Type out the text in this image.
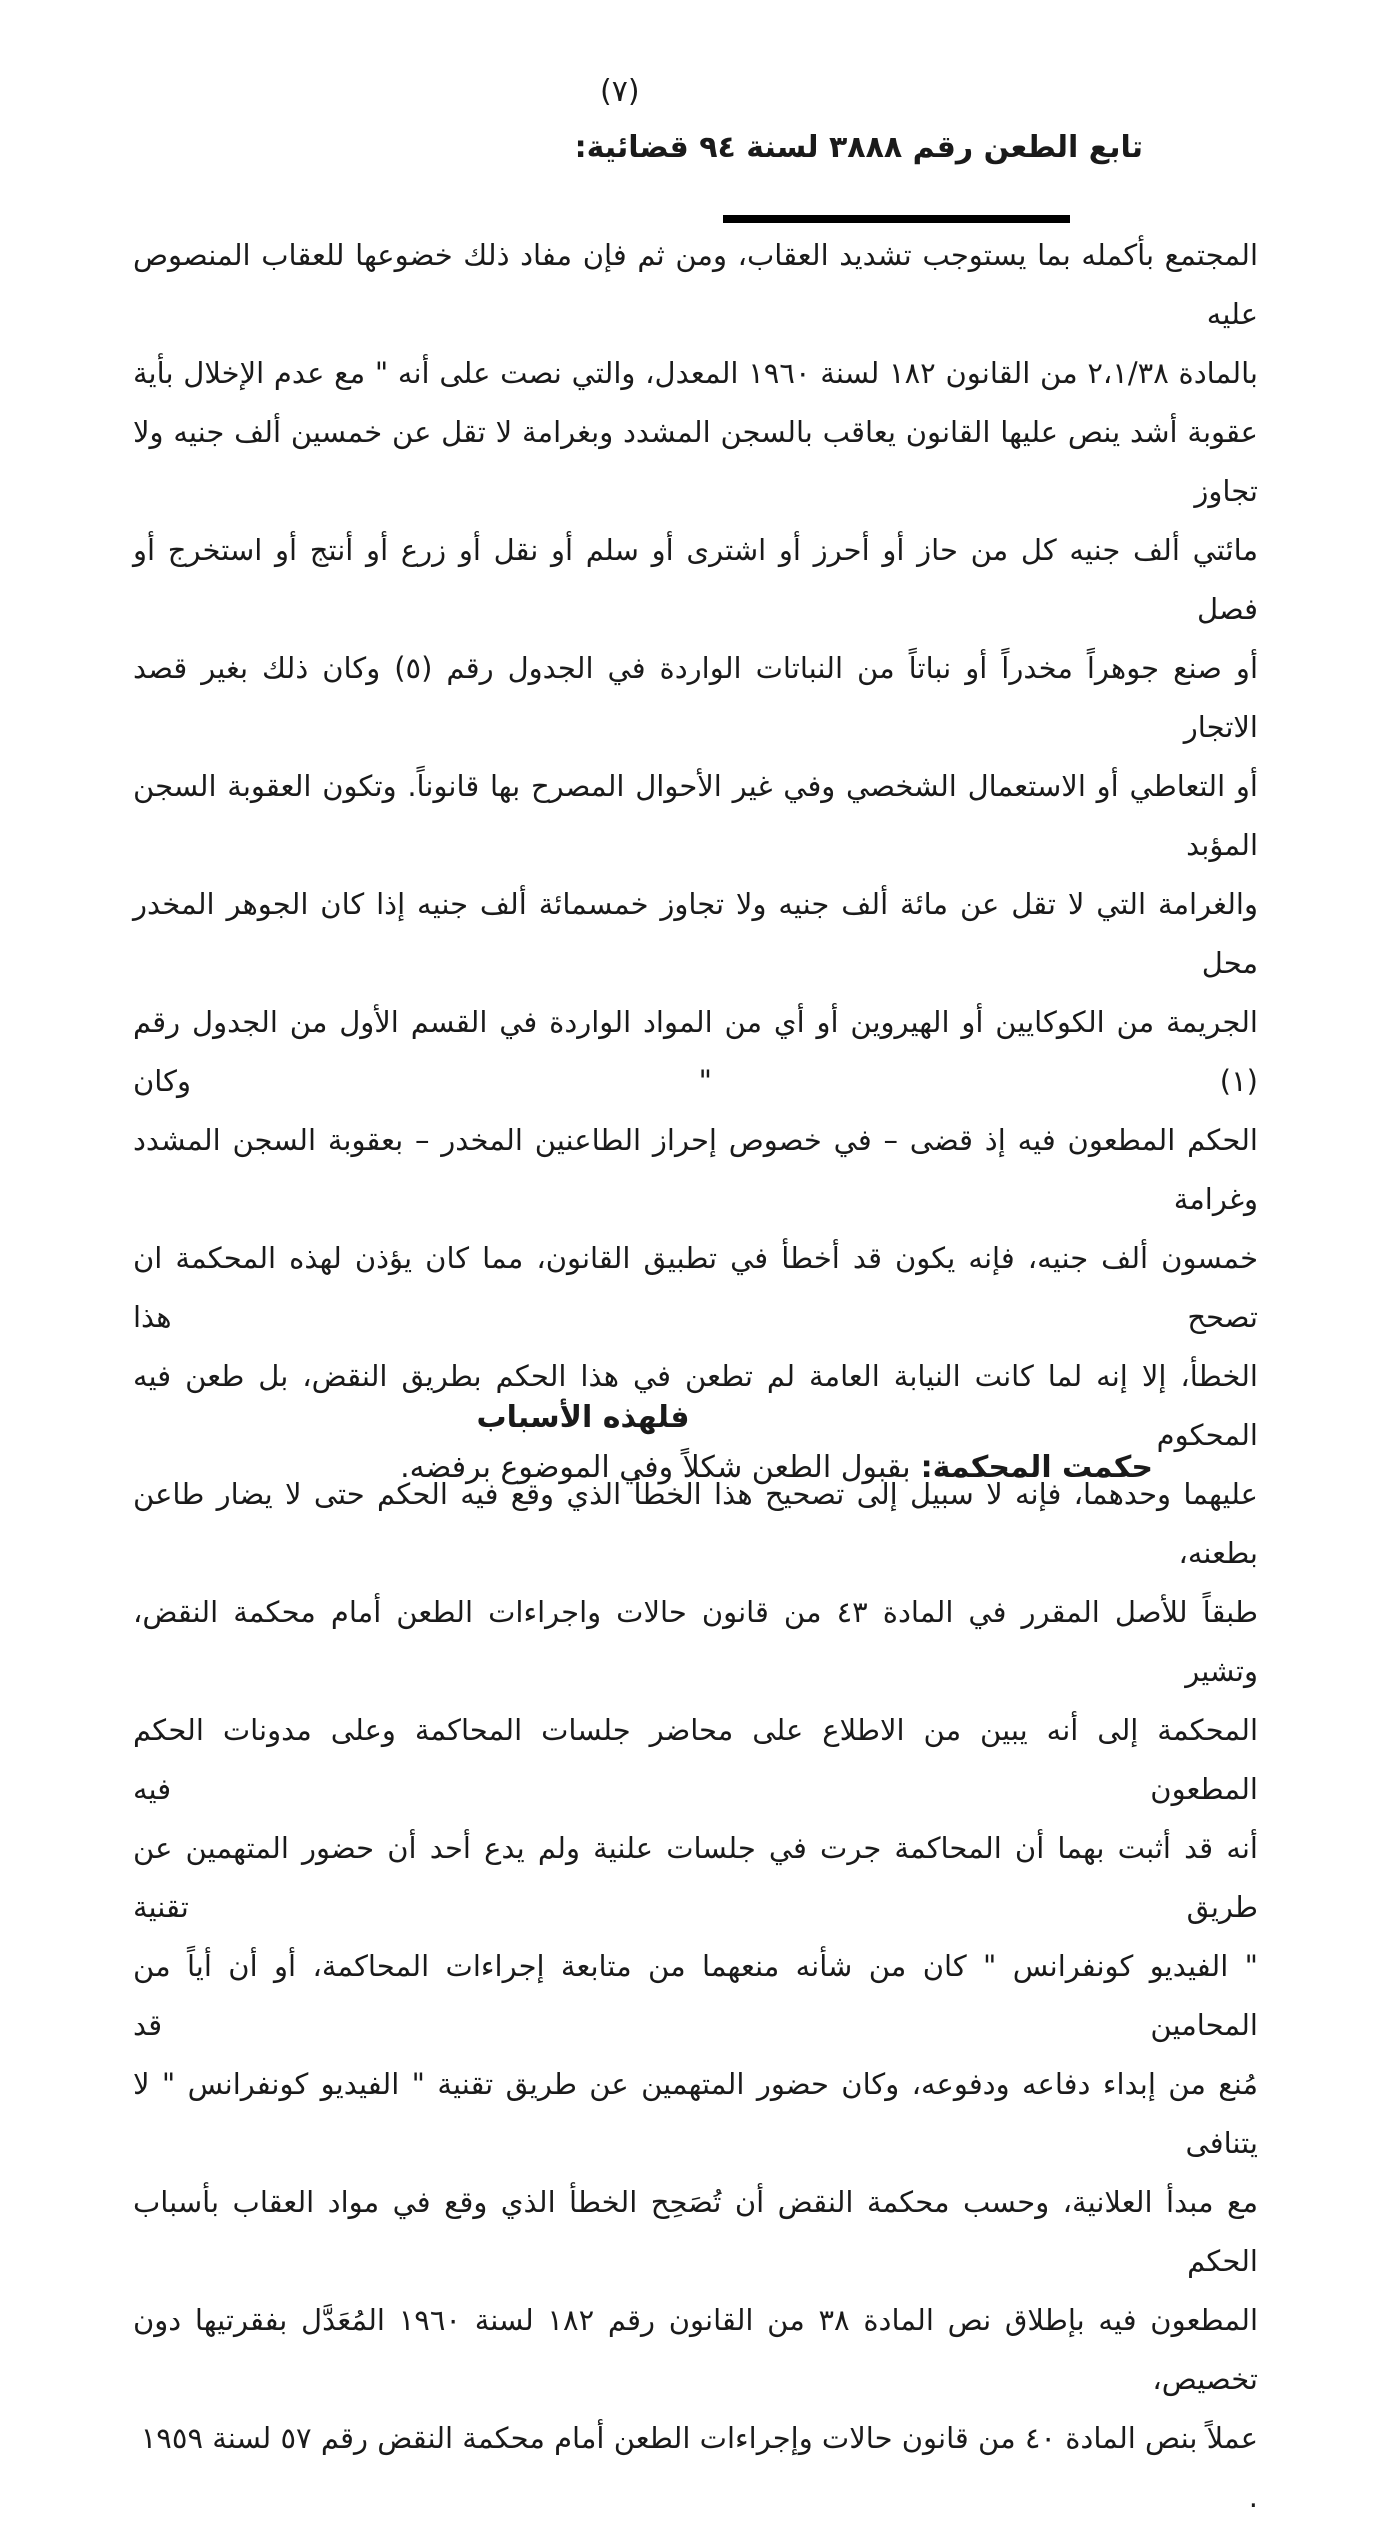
(٧)
تابع الطعن رقم ٣٨٨٨ لسنة ٩٤ قضائية:
المجتمع بأكمله بما يستوجب تشديد العقاب، ومن ثم فإن مفاد ذلك خضوعها للعقاب المنصوص عليه
بالمادة ٢،١/٣٨ من القانون ١٨٢ لسنة ١٩٦٠ المعدل، والتي نصت على أنه " مع عدم الإخلال بأية
عقوبة أشد ينص عليها القانون يعاقب بالسجن المشدد وبغرامة لا تقل عن خمسين ألف جنيه ولا تجاوز
مائتي ألف جنيه كل من حاز أو أحرز أو اشترى أو سلم أو نقل أو زرع أو أنتج أو استخرج أو فصل
أو صنع جوهراً مخدراً أو نباتاً من النباتات الواردة في الجدول رقم (٥) وكان ذلك بغير قصد الاتجار
أو التعاطي أو الاستعمال الشخصي وفي غير الأحوال المصرح بها قانوناً. وتكون العقوبة السجن المؤبد
والغرامة التي لا تقل عن مائة ألف جنيه ولا تجاوز خمسمائة ألف جنيه إذا كان الجوهر المخدر محل
الجريمة من الكوكايين أو الهيروين أو أي من المواد الواردة في القسم الأول من الجدول رقم (١) " وكان
الحكم المطعون فيه إذ قضى – في خصوص إحراز الطاعنين المخدر – بعقوبة السجن المشدد وغرامة
خمسون ألف جنيه، فإنه يكون قد أخطأ في تطبيق القانون، مما كان يؤذن لهذه المحكمة ان تصحح هذا
الخطأ، إلا إنه لما كانت النيابة العامة لم تطعن في هذا الحكم بطريق النقض، بل طعن فيه المحكوم
عليهما وحدهما، فإنه لا سبيل إلى تصحيح هذا الخطأ الذي وقع فيه الحكم حتى لا يضار طاعن بطعنه،
طبقاً للأصل المقرر في المادة ٤٣ من قانون حالات واجراءات الطعن أمام محكمة النقض، وتشير
المحكمة إلى أنه يبين من الاطلاع على محاضر جلسات المحاكمة وعلى مدونات الحكم المطعون فيه
أنه قد أثبت بهما أن المحاكمة جرت في جلسات علنية ولم يدع أحد أن حضور المتهمين عن طريق تقنية
" الفيديو كونفرانس " كان من شأنه منعهما من متابعة إجراءات المحاكمة، أو أن أياً من المحامين قد
مُنع من إبداء دفاعه ودفوعه، وكان حضور المتهمين عن طريق تقنية " الفيديو كونفرانس " لا يتنافى
مع مبدأ العلانية، وحسب محكمة النقض أن تُصَحِح الخطأ الذي وقع في مواد العقاب بأسباب الحكم
المطعون فيه بإطلاق نص المادة ٣٨ من القانون رقم ١٨٢ لسنة ١٩٦٠ المُعَدَّل بفقرتيها دون تخصيص،
عملاً بنص المادة ٤٠ من قانون حالات وإجراءات الطعن أمام محكمة النقض رقم ٥٧ لسنة ١٩٥٩ .
فلهذه الأسباب
حكمت المحكمة:بقبول الطعن شكلاً وفي الموضوع برفضه.
